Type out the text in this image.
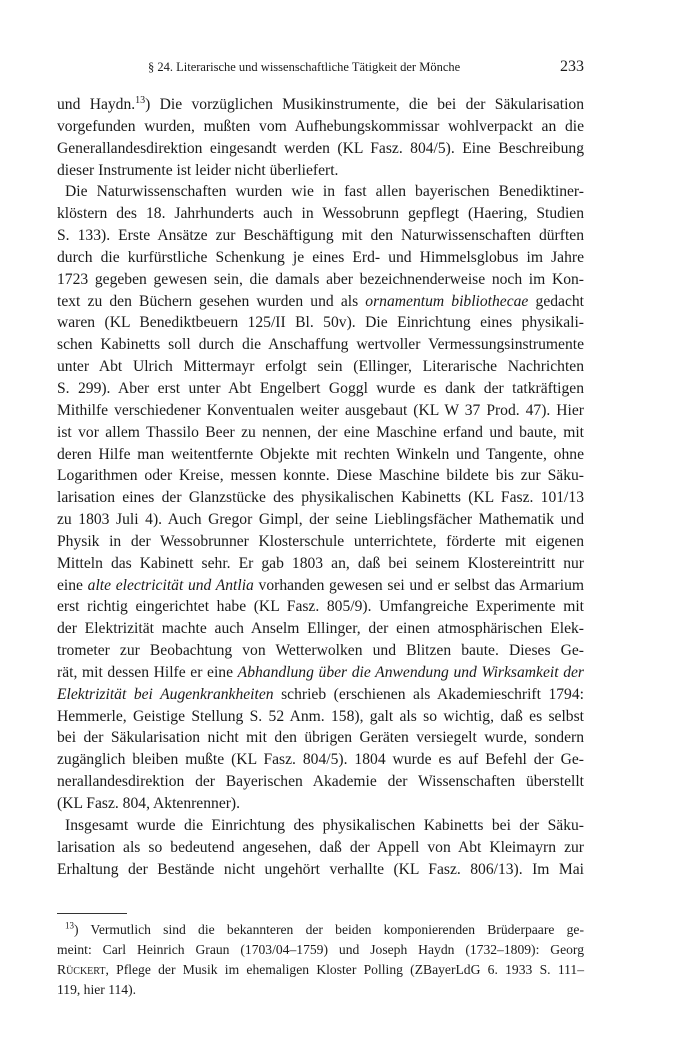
§ 24. Literarische und wissenschaftliche Tätigkeit der Mönche	233
und Haydn.$^{13}$) Die vorzüglichen Musikinstrumente, die bei der Säkularisation
vorgefunden wurden, mußten vom Aufhebungskommissar wohlverpackt an die
Generallandesdirektion eingesandt werden (KL Fasz. 804/5). Eine Beschreibung
dieser Instrumente ist leider nicht überliefert.
Die Naturwissenschaften wurden wie in fast allen bayerischen Benediktiner-
klöstern des 18. Jahrhunderts auch in Wessobrunn gepflegt (Haering, Studien
S. 133). Erste Ansätze zur Beschäftigung mit den Naturwissenschaften dürften
durch die kurfürstliche Schenkung je eines Erd- und Himmelsglobus im Jahre
1723 gegeben gewesen sein, die damals aber bezeichnenderweise noch im Kon-
text zu den Büchern gesehen wurden und als ornamentum bibliothecae gedacht
waren (KL Benediktbeuern 125/II Bl. 50v). Die Einrichtung eines physikali-
schen Kabinetts soll durch die Anschaffung wertvoller Vermessungsinstrumente
unter Abt Ulrich Mittermayr erfolgt sein (Ellinger, Literarische Nachrichten
S. 299). Aber erst unter Abt Engelbert Goggl wurde es dank der tatkräftigen
Mithilfe verschiedener Konventualen weiter ausgebaut (KL W 37 Prod. 47). Hier
ist vor allem Thassilo Beer zu nennen, der eine Maschine erfand und baute, mit
deren Hilfe man weitentfernte Objekte mit rechten Winkeln und Tangente, ohne
Logarithmen oder Kreise, messen konnte. Diese Maschine bildete bis zur Säku-
larisation eines der Glanzstücke des physikalischen Kabinetts (KL Fasz. 101/13
zu 1803 Juli 4). Auch Gregor Gimpl, der seine Lieblingsfächer Mathematik und
Physik in der Wessobrunner Klosterschule unterrichtete, förderte mit eigenen
Mitteln das Kabinett sehr. Er gab 1803 an, daß bei seinem Klostereintritt nur
eine alte electricität und Antlia vorhanden gewesen sei und er selbst das Armarium
erst richtig eingerichtet habe (KL Fasz. 805/9). Umfangreiche Experimente mit
der Elektrizität machte auch Anselm Ellinger, der einen atmosphärischen Elek-
trometer zur Beobachtung von Wetterwolken und Blitzen baute. Dieses Ge-
rät, mit dessen Hilfe er eine Abhandlung über die Anwendung und Wirksamkeit der
Elektrizität bei Augenkrankheiten schrieb (erschienen als Akademieschrift 1794:
Hemmerle, Geistige Stellung S. 52 Anm. 158), galt als so wichtig, daß es selbst
bei der Säkularisation nicht mit den übrigen Geräten versiegelt wurde, sondern
zugänglich bleiben mußte (KL Fasz. 804/5). 1804 wurde es auf Befehl der Ge-
nerallandesdirektion der Bayerischen Akademie der Wissenschaften überstellt
(KL Fasz. 804, Aktenrenner).
Insgesamt wurde die Einrichtung des physikalischen Kabinetts bei der Säku-
larisation als so bedeutend angesehen, daß der Appell von Abt Kleimayrn zur
Erhaltung der Bestände nicht ungehört verhallte (KL Fasz. 806/13). Im Mai
$^{13}$) Vermutlich sind die bekannteren der beiden komponierenden Brüderpaare ge-
meint: Carl Heinrich Graun (1703/04–1759) und Joseph Haydn (1732–1809): Georg
Rückert, Pflege der Musik im ehemaligen Kloster Polling (ZBayerLdG 6. 1933 S. 111–
119, hier 114).
